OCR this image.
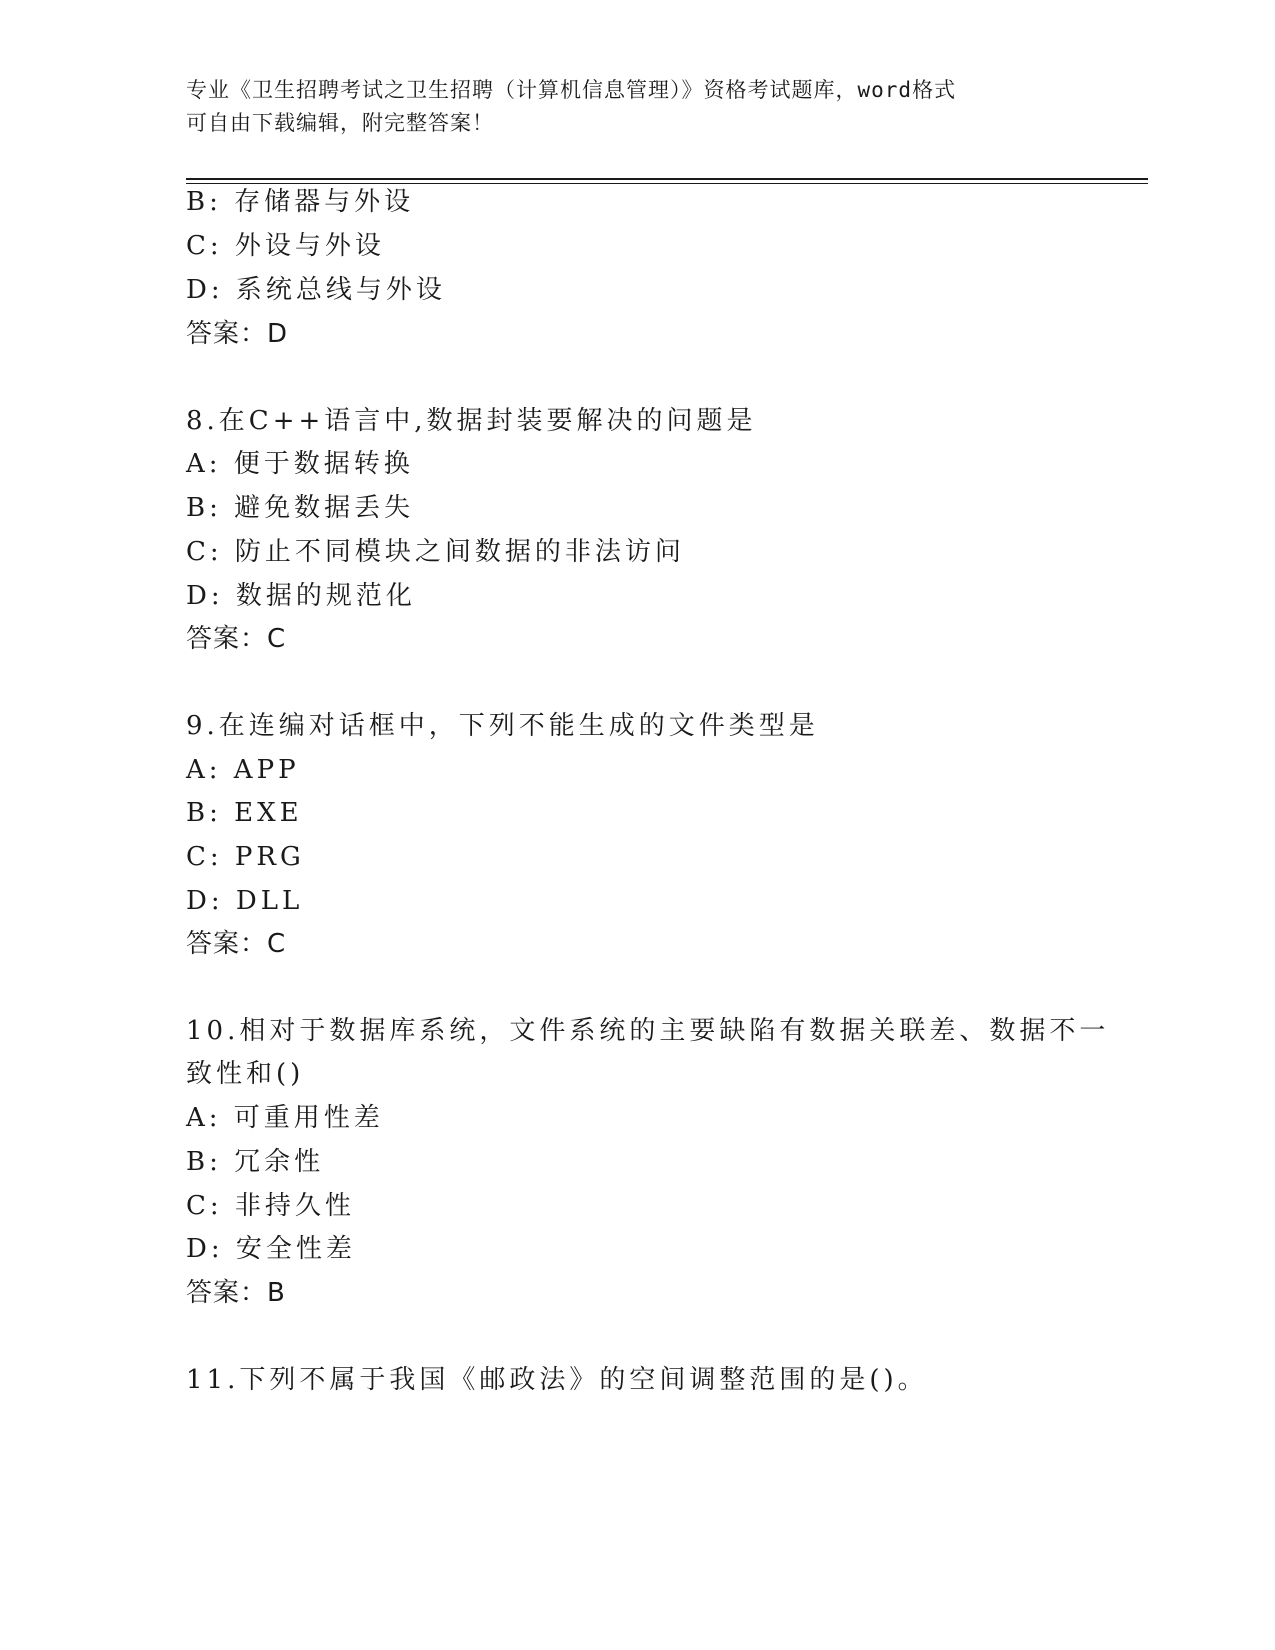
专业《卫生招聘考试之卫生招聘（计算机信息管理）》资格考试题库，word格式
可自由下载编辑，附完整答案！
B: 存储器与外设
C: 外设与外设
D: 系统总线与外设
答案：D
8.在C++语言中,数据封装要解决的问题是
A: 便于数据转换
B: 避免数据丢失
C: 防止不同模块之间数据的非法访问
D: 数据的规范化
答案：C
9.在连编对话框中，下列不能生成的文件类型是
A: APP
B: EXE
C: PRG
D: DLL
答案：C
10.相对于数据库系统，文件系统的主要缺陷有数据关联差、数据不一
致性和()
A: 可重用性差
B: 冗余性
C: 非持久性
D: 安全性差
答案：B
11.下列不属于我国《邮政法》的空间调整范围的是()。
